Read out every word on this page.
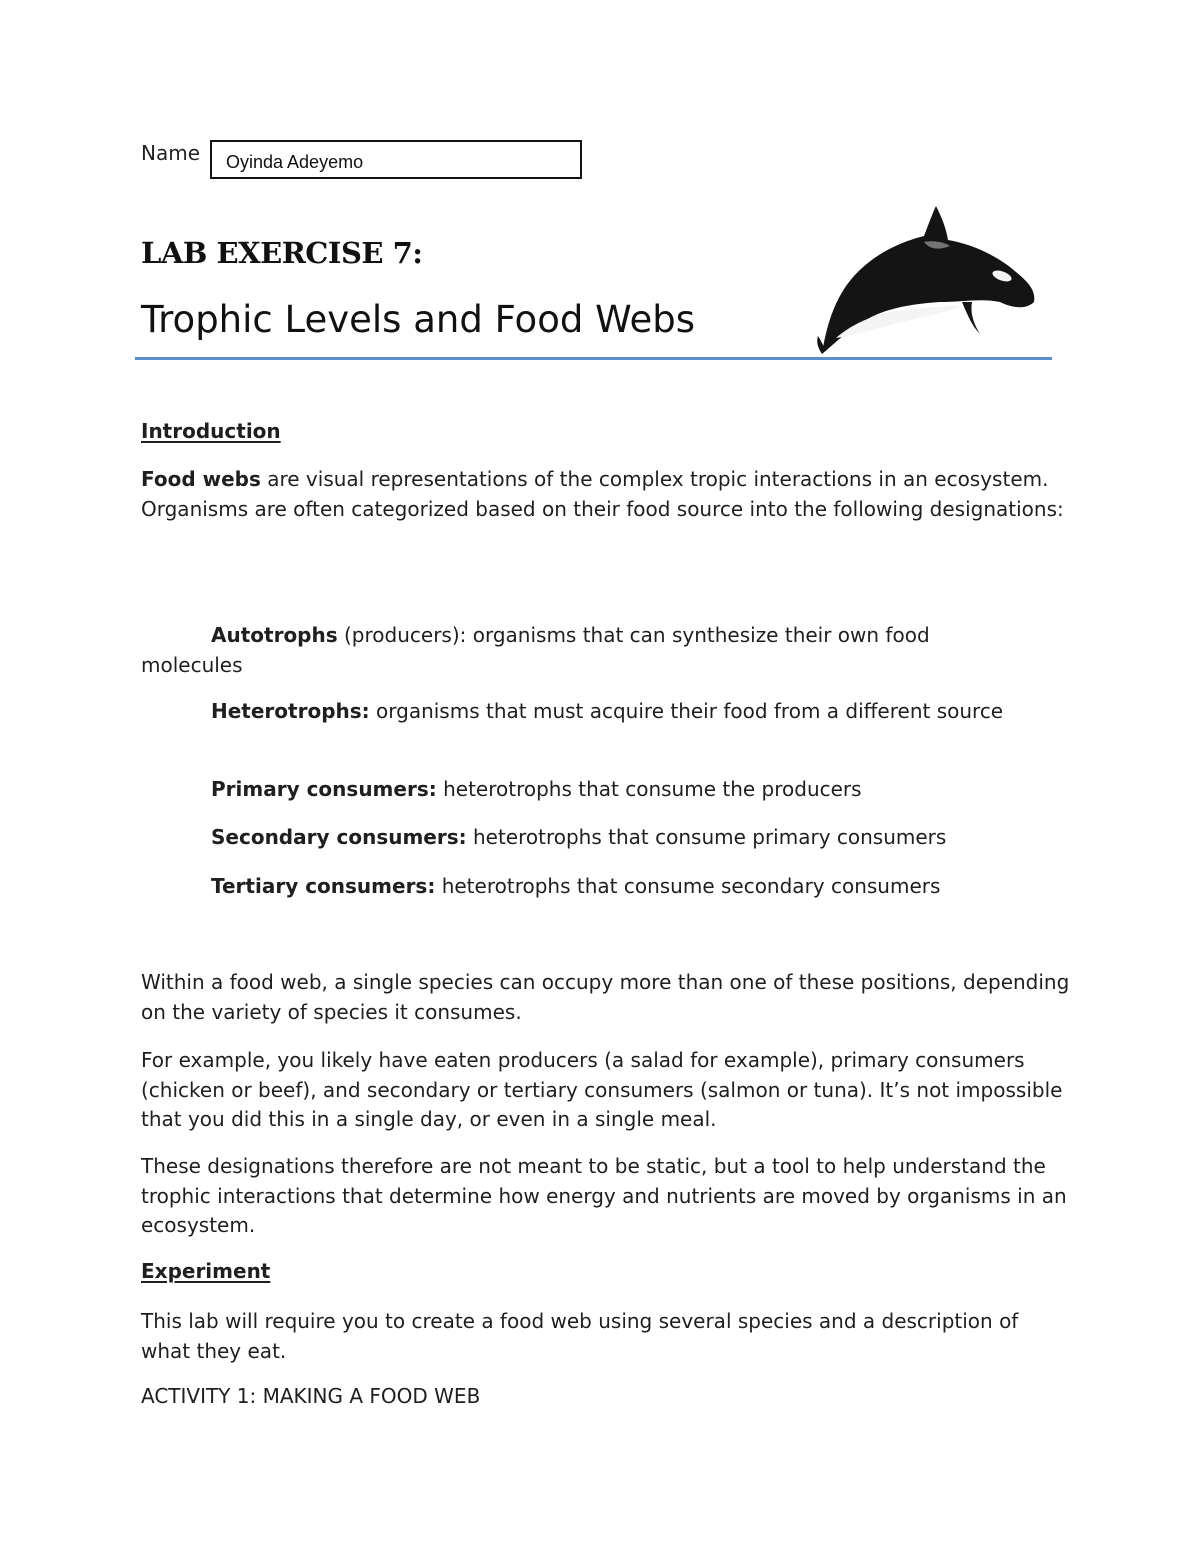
Name	Oyinda Adeyemo
LAB EXERCISE 7:
Trophic Levels and Food Webs
Introduction
Food webs are visual representations of the complex tropic interactions in an ecosystem. Organisms are often categorized based on their food source into the following designations:
Autotrophs (producers): organisms that can synthesize their own food molecules
Heterotrophs: organisms that must acquire their food from a different source
Primary consumers: heterotrophs that consume the producers
Secondary consumers: heterotrophs that consume primary consumers
Tertiary consumers: heterotrophs that consume secondary consumers
Within a food web, a single species can occupy more than one of these positions, depending on the variety of species it consumes.
For example, you likely have eaten producers (a salad for example), primary consumers (chicken or beef), and secondary or tertiary consumers (salmon or tuna). It’s not impossible that you did this in a single day, or even in a single meal.
These designations therefore are not meant to be static, but a tool to help understand the trophic interactions that determine how energy and nutrients are moved by organisms in an ecosystem.
Experiment
This lab will require you to create a food web using several species and a description of what they eat.
ACTIVITY 1: MAKING A FOOD WEB
